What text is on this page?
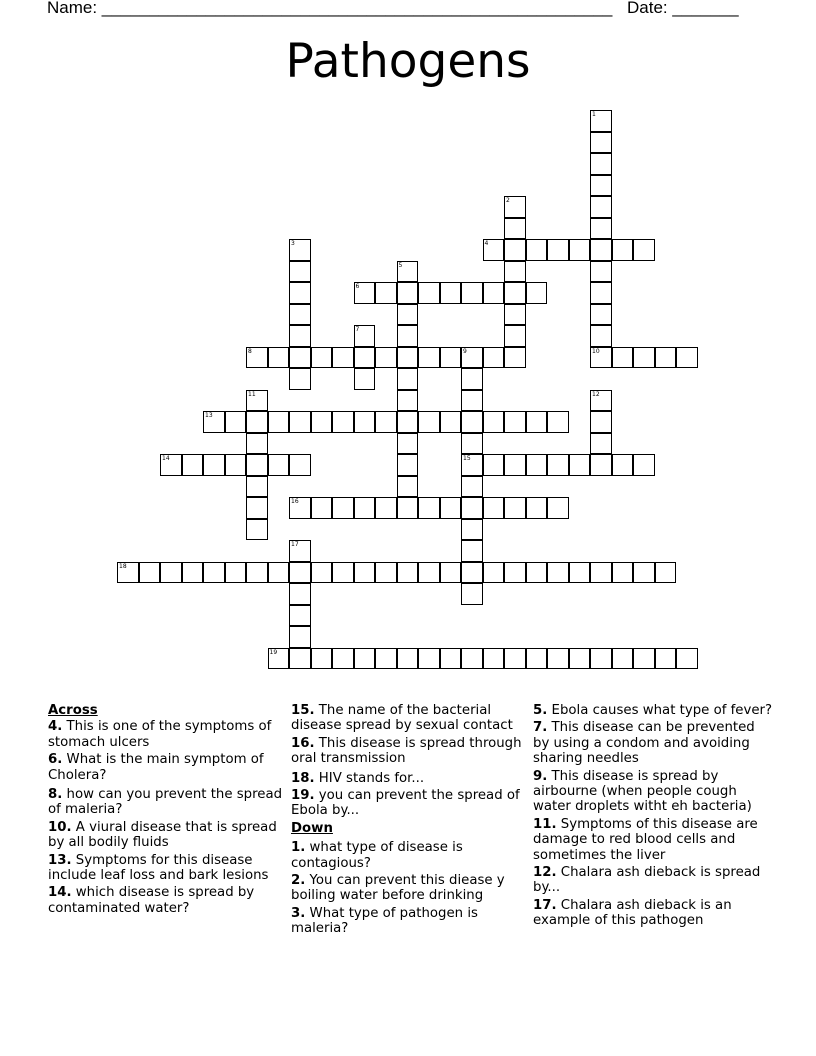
Name: ______________________________________________________ Date: _______
Pathogens
1
10
2
3	4
5
6
7
8	9
15
11	12
13
14
16
17
18
19
Across
4. This is one of the symptoms of stomach ulcers
6. What is the main symptom of Cholera?
8. how can you prevent the spread of maleria?
10. A viural disease that is spread by all bodily fluids
13. Symptoms for this disease include leaf loss and bark lesions
14. which disease is spread by contaminated water?
15. The name of the bacterial disease spread by sexual contact
16. This disease is spread through oral transmission
18. HIV stands for...
19. you can prevent the spread of Ebola by...
Down
1. what type of disease is contagious?
2. You can prevent this diease y boiling water before drinking
3. What type of pathogen is maleria?
5. Ebola causes what type of fever?
7. This disease can be prevented by using a condom and avoiding sharing needles
9. This disease is spread by airbourne (when people cough water droplets witht eh bacteria)
11. Symptoms of this disease are damage to red blood cells and sometimes the liver
12. Chalara ash dieback is spread by...
17. Chalara ash dieback is an example of this pathogen
